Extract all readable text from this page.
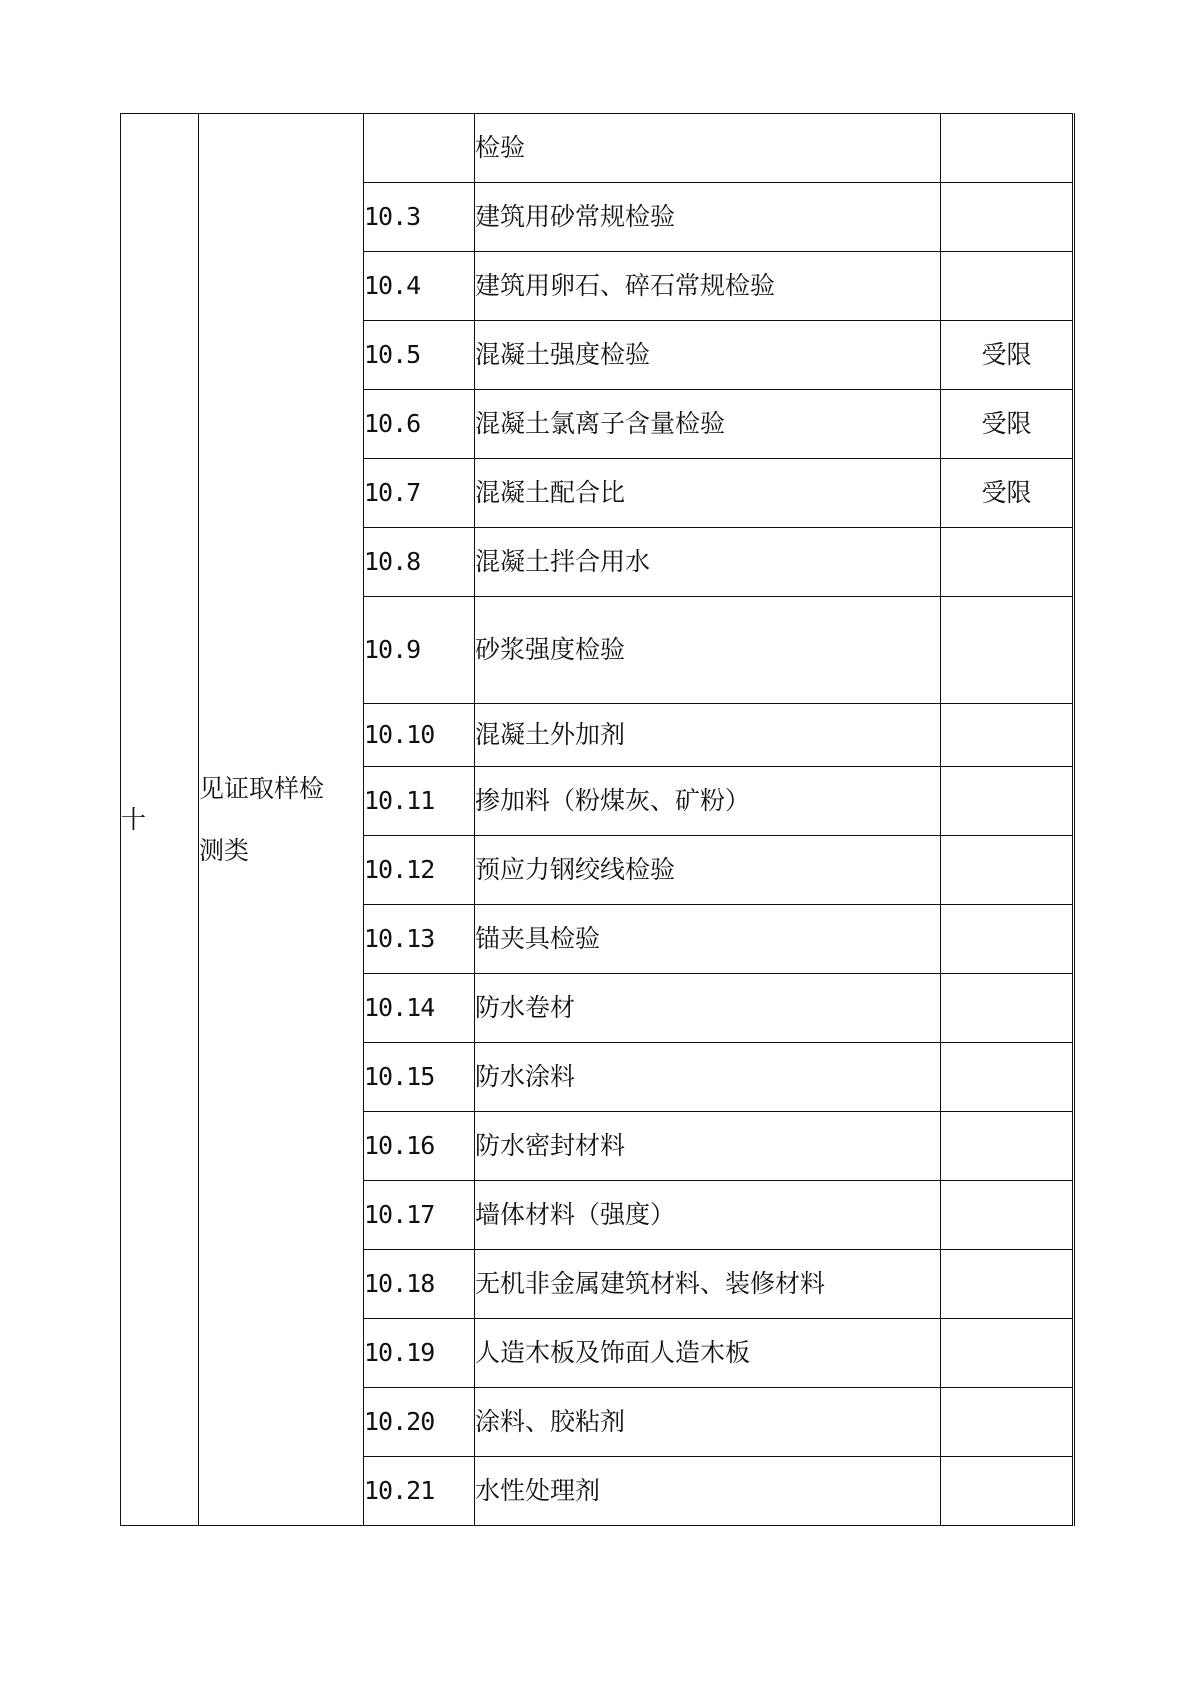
十	见证取样检
测类		检验	
		10.3	建筑用砂常规检验	
		10.4	建筑用卵石、碎石常规检验	
		10.5	混凝土强度检验	受限
		10.6	混凝土氯离子含量检验	受限
		10.7	混凝土配合比	受限
		10.8	混凝土拌合用水	
		10.9	砂浆强度检验	
		10.10	混凝土外加剂	
		10.11	掺加料（粉煤灰、矿粉）	
		10.12	预应力钢绞线检验	
		10.13	锚夹具检验	
		10.14	防水卷材	
		10.15	防水涂料	
		10.16	防水密封材料	
		10.17	墙体材料（强度）	
		10.18	无机非金属建筑材料、装修材料	
		10.19	人造木板及饰面人造木板	
		10.20	涂料、胶粘剂	
		10.21	水性处理剂	
